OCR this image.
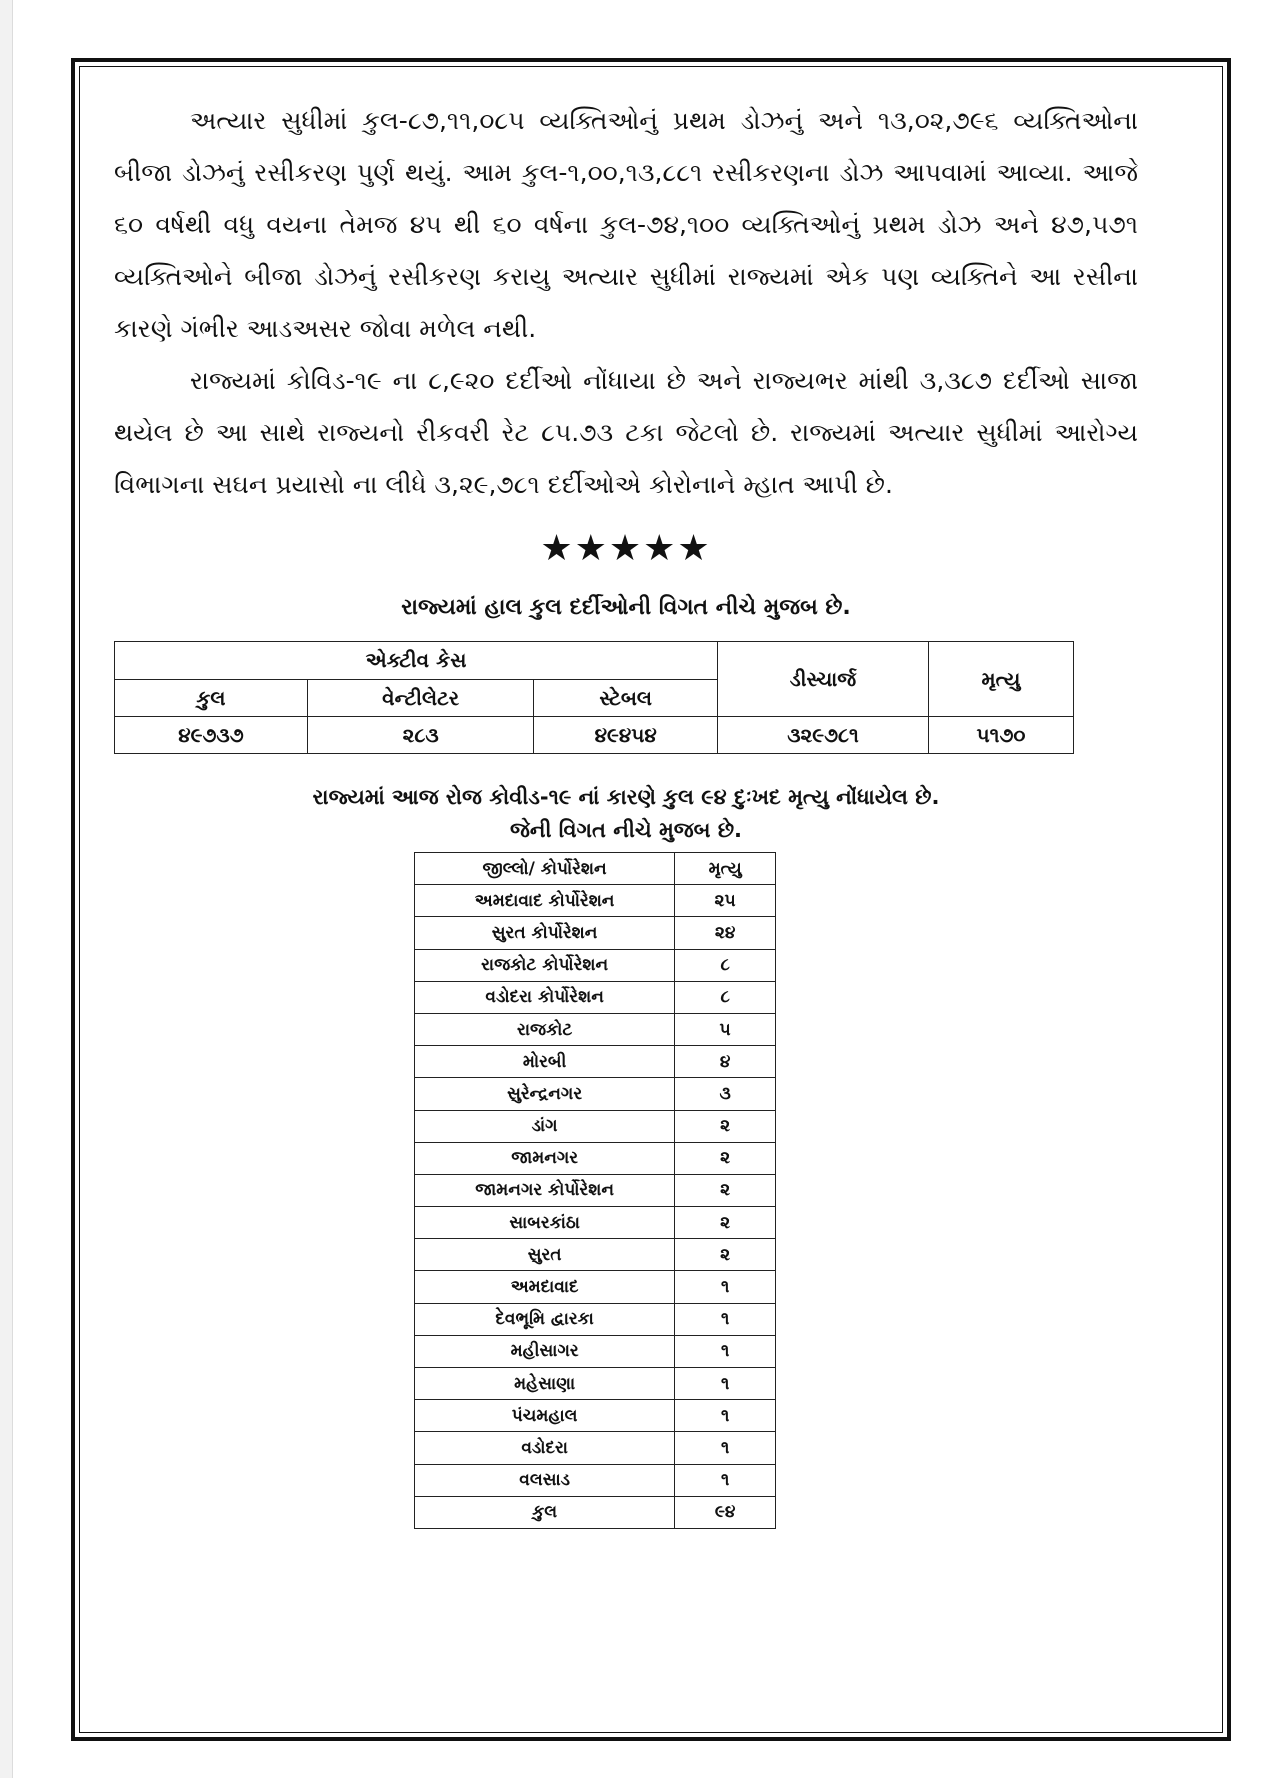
અત્યાર સુધીમાં કુલ-૮૭,૧૧,૦૮૫ વ્યક્તિઓનું પ્રથમ ડોઝનું અને ૧૩,૦૨,૭૯૬ વ્યક્તિઓના બીજા ડોઝનું રસીકરણ પુર્ણ થયું. આમ કુલ-૧,૦૦,૧૩,૮૮૧ રસીકરણના ડોઝ આપવામાં આવ્યા. આજે ૬૦ વર્ષથી વધુ વયના તેમજ ૪૫ થી ૬૦ વર્ષના કુલ-૭૪,૧૦૦ વ્યક્તિઓનું પ્રથમ ડોઝ અને ૪૭,૫૭૧ વ્યક્તિઓને બીજા ડોઝનું રસીકરણ કરાયુ અત્યાર સુધીમાં રાજ્યમાં એક પણ વ્યક્તિને આ રસીના કારણે ગંભીર આડઅસર જોવા મળેલ નથી.

રાજ્યમાં કોવિડ-૧૯ ના ૮,૯૨૦ દર્દીઓ નોંધાયા છે અને રાજ્યભર માંથી ૩,૩૮૭ દર્દીઓ સાજા થયેલ છે આ સાથે રાજ્યનો રીકવરી રેટ ૮૫.૭૩ ટકા જેટલો છે. રાજ્યમાં અત્યાર સુધીમાં આરોગ્ય વિભાગના સઘન પ્રયાસો ના લીધે ૩,૨૯,૭૮૧ દર્દીઓએ કોરોનાને મ્હાત આપી છે.

★★★★★
રાજ્યમાં હાલ કુલ દર્દીઓની વિગત નીચે મુજબ છે.
એક્ટીવ કેસ			ડીસ્ચાર્જ	મૃત્યુ
કુલ	વેન્ટીલેટર	સ્ટેબલ		
૪૯૭૩૭	૨૮૩	૪૯૪૫૪	૩૨૯૭૮૧	૫૧૭૦
રાજ્યમાં આજ રોજ કોવીડ-૧૯ નાં કારણે કુલ ૯૪ દુઃખદ મૃત્યુ નોંધાયેલ છે.
જેની વિગત નીચે મુજબ છે.
જીલ્લો/ કોર્પોરેશન	મૃત્યુ
અમદાવાદ કોર્પોરેશન	૨૫
સુરત કોર્પોરેશન	૨૪
રાજકોટ કોર્પોરેશન	૮
વડોદરા કોર્પોરેશન	૮
રાજકોટ	૫
મોરબી	૪
સુરેન્દ્રનગર	૩
ડાંગ	૨
જામનગર	૨
જામનગર કોર્પોરેશન	૨
સાબરકાંઠા	૨
સુરત	૨
અમદાવાદ	૧
દેવભૂમિ દ્વારકા	૧
મહીસાગર	૧
મહેસાણા	૧
પંચમહાલ	૧
વડોદરા	૧
વલસાડ	૧
કુલ	૯૪
